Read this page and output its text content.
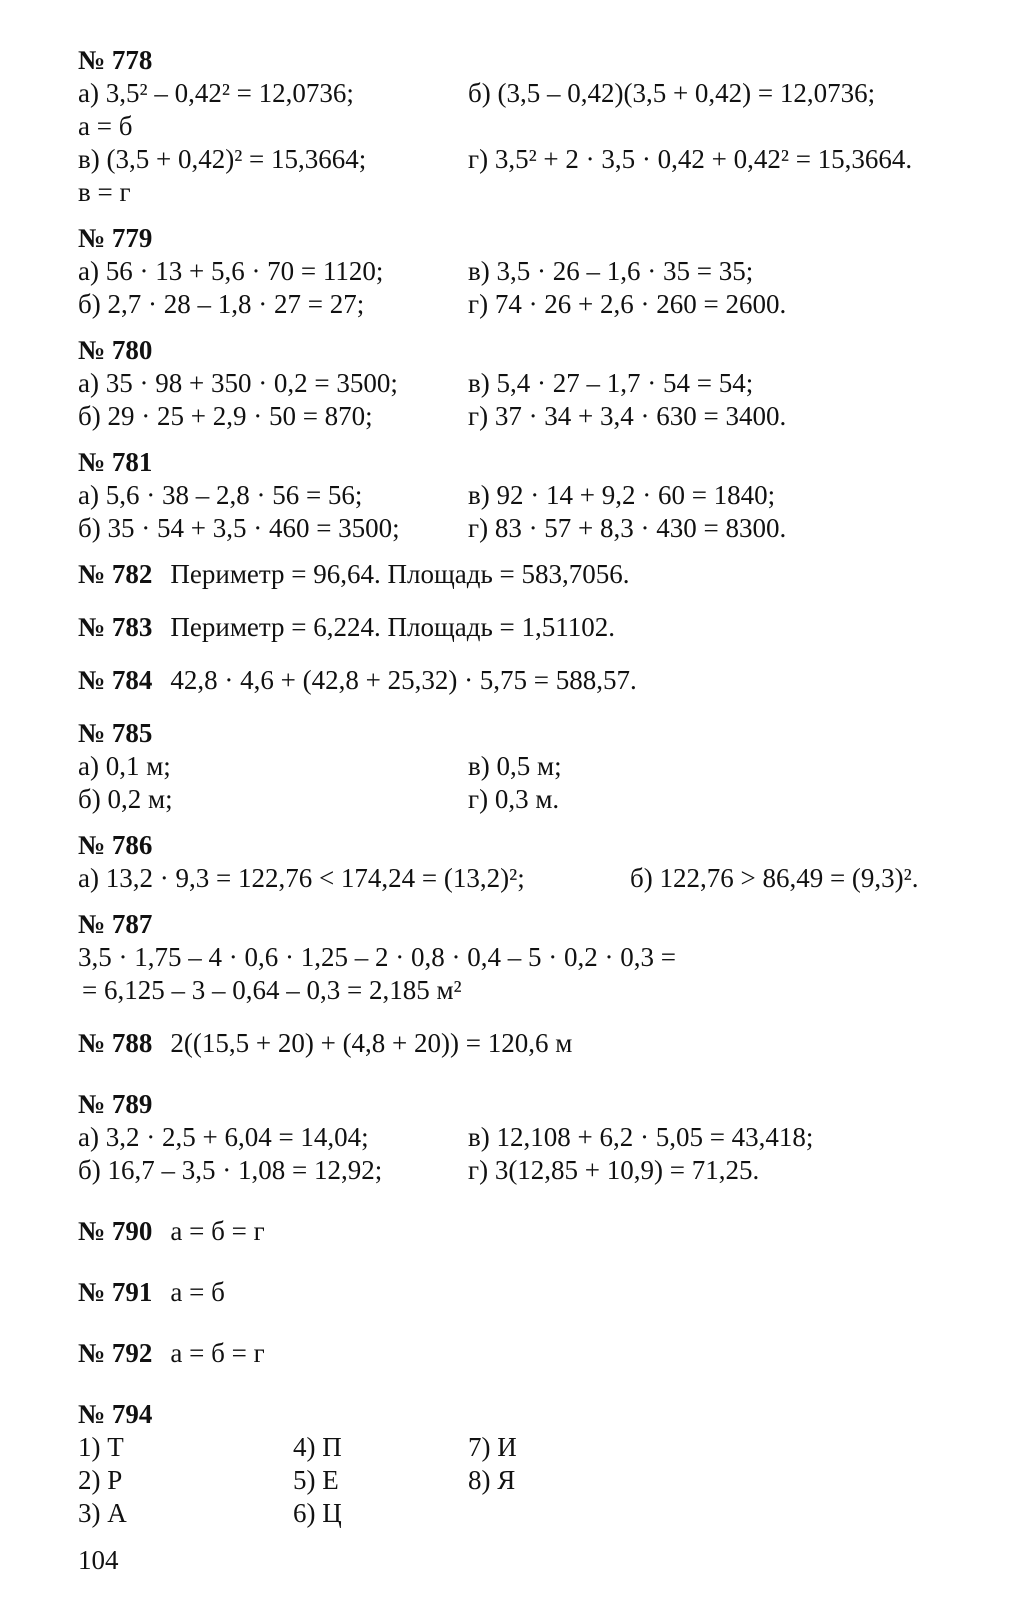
№ 778
а) 3,5² – 0,42² = 12,0736;	б) (3,5 – 0,42)(3,5 + 0,42) = 12,0736;
а = б
в) (3,5 + 0,42)² = 15,3664;	г) 3,5² + 2 · 3,5 · 0,42 + 0,42² = 15,3664.
в = г
№ 779
а) 56 · 13 + 5,6 · 70 = 1120;	в) 3,5 · 26 – 1,6 · 35 = 35;
б) 2,7 · 28 – 1,8 · 27 = 27;	г) 74 · 26 + 2,6 · 260 = 2600.
№ 780
а) 35 · 98 + 350 · 0,2 = 3500;	в) 5,4 · 27 – 1,7 · 54 = 54;
б) 29 · 25 + 2,9 · 50 = 870;	г) 37 · 34 + 3,4 · 630 = 3400.
№ 781
а) 5,6 · 38 – 2,8 · 56 = 56;	в) 92 · 14 + 9,2 · 60 = 1840;
б) 35 · 54 + 3,5 · 460 = 3500;	г) 83 · 57 + 8,3 · 430 = 8300.
№ 782 Периметр = 96,64. Площадь = 583,7056.
№ 783 Периметр = 6,224. Площадь = 1,51102.
№ 784 42,8 · 4,6 + (42,8 + 25,32) · 5,75 = 588,57.
№ 785
а) 0,1 м;	в) 0,5 м;
б) 0,2 м;	г) 0,3 м.
№ 786
а) 13,2 · 9,3 = 122,76 < 174,24 = (13,2)²;	б) 122,76 > 86,49 = (9,3)².
№ 787
3,5 · 1,75 – 4 · 0,6 · 1,25 – 2 · 0,8 · 0,4 – 5 · 0,2 · 0,3 =
= 6,125 – 3 – 0,64 – 0,3 = 2,185 м²
№ 788 2((15,5 + 20) + (4,8 + 20)) = 120,6 м
№ 789
а) 3,2 · 2,5 + 6,04 = 14,04;	в) 12,108 + 6,2 · 5,05 = 43,418;
б) 16,7 – 3,5 · 1,08 = 12,92;	г) 3(12,85 + 10,9) = 71,25.
№ 790 а = б = г
№ 791 а = б
№ 792 а = б = г
№ 794
1) Т	4) П	7) И
2) Р	5) Е	8) Я
3) А	6) Ц
104
